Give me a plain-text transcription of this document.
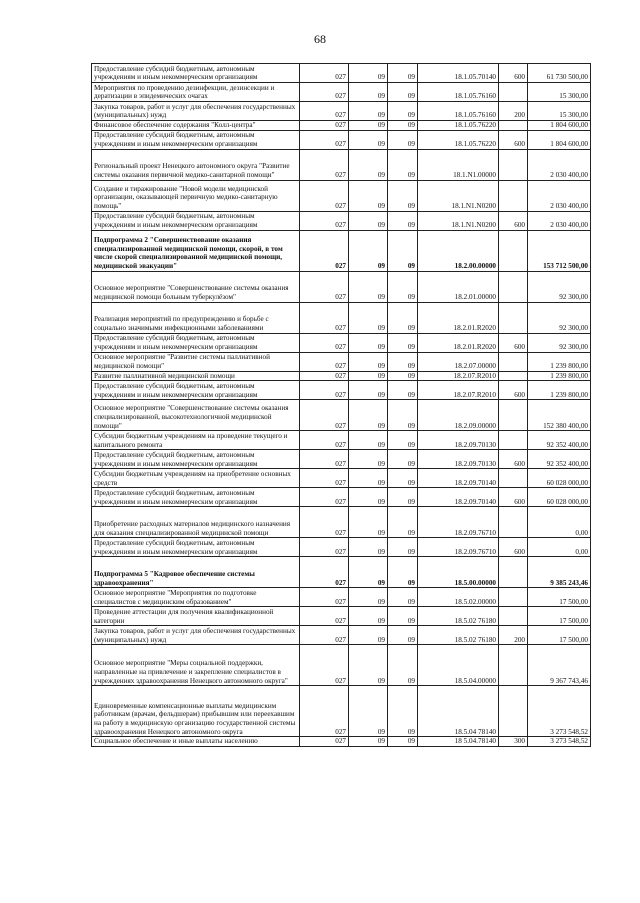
68
Предоставление субсидий бюджетным, автономным учреждениям и иным некоммерческим организациям	027	09	09	18.1.05.70140	600	61 730 500,00
Мероприятия по проведению дезинфекции, дезинсекции и дератизации в эпидемических очагах	027	09	09	18.1.05.76160		15 300,00
Закупка товаров, работ и услуг для обеспечения государственных (муниципальных) нужд	027	09	09	18.1.05.76160	200	15 300,00
Финансовое обеспечение содержания "Колл-центра"	027	09	09	18.1.05.76220		1 804 600,00
Предоставление субсидий бюджетным, автономным учреждениям и иным некоммерческим организациям	027	09	09	18.1.05.76220	600	1 804 600,00
Региональный проект Ненецкого автономного округа "Развитие системы оказания первичной медико-санитарной помощи"	027	09	09	18.1.N1.00000		2 030 400,00
Создание и тиражирование "Новой модели медицинской организации, оказывающей первичную медико-санитарную помощь"	027	09	09	18.1.N1.N0200		2 030 400,00
Предоставление субсидий бюджетным, автономным учреждениям и иным некоммерческим организациям	027	09	09	18.1.N1.N0200	600	2 030 400,00
Подпрограмма 2 "Совершенствование оказания специализированной медицинской помощи, скорой, в том числе скорой специализированной медицинской помощи, медицинской эвакуации"	027	09	09	18.2.00.00000		153 712 500,00
Основное мероприятие "Совершенствование системы оказания медицинской помощи больным туберкулёзом"	027	09	09	18.2.01.00000		92 300,00
Реализация мероприятий по предупреждению и борьбе с социально значимыми инфекционными заболеваниями	027	09	09	18.2.01.R2020		92 300,00
Предоставление субсидий бюджетным, автономным учреждениям и иным некоммерческим организациям	027	09	09	18.2.01.R2020	600	92 300,00
Основное мероприятие "Развитие системы паллиативной медицинской помощи"	027	09	09	18.2.07.00000		1 239 800,00
Развитие паллиативной медицинской помощи	027	09	09	18.2.07.R2010		1 239 800,00
Предоставление субсидий бюджетным, автономным учреждениям и иным некоммерческим организациям	027	09	09	18.2.07.R2010	600	1 239 800,00
Основное мероприятие "Совершенствование системы оказания специализированной, высокотехнологичной медицинской помощи"	027	09	09	18.2.09.00000		152 380 400,00
Субсидии бюджетным учреждениям на проведение текущего и капитального ремонта	027	09	09	18.2.09.70130		92 352 400,00
Предоставление субсидий бюджетным, автономным учреждениям и иным некоммерческим организациям	027	09	09	18.2.09.70130	600	92 352 400,00
Субсидии бюджетным учреждениям на приобретение основных средств	027	09	09	18.2.09.70140		60 028 000,00
Предоставление субсидий бюджетным, автономным учреждениям и иным некоммерческим организациям	027	09	09	18.2.09.70140	600	60 028 000,00
Приобретение расходных материалов медицинского назначения для оказания специализированной медицинской помощи	027	09	09	18.2.09.76710		0,00
Предоставление субсидий бюджетным, автономным учреждениям и иным некоммерческим организациям	027	09	09	18.2.09.76710	600	0,00
Подпрограмма 5 "Кадровое обеспечение системы здравоохранения"	027	09	09	18.5.00.00000		9 385 243,46
Основное мероприятие "Мероприятия по подготовке специалистов с медицинским образованием"	027	09	09	18.5.02.00000		17 500,00
Проведение аттестации для получения квалификационной категории	027	09	09	18.5.02 76180		17 500,00
Закупка товаров, работ и услуг для обеспечения государственных (муниципальных) нужд	027	09	09	18.5.02 76180	200	17 500,00
Основное мероприятие "Меры социальной поддержки, направленные на привлечение и закрепление специалистов в учреждениях здравоохранения Ненецкого автономного округа"	027	09	09	18.5.04.00000		9 367 743,46
Единовременные компенсационные выплаты медицинским работникам (врачам, фельдшерам) прибывшим или переехавшим на работу в медицинскую организацию государственной системы здравоохранения Ненецкого автономного округа	027	09	09	18.5.04 78140		3 273 548,52
Социальное обеспечение и иные выплаты населению	027	09	09	18 5.04.78140	300	3 273 548,52
